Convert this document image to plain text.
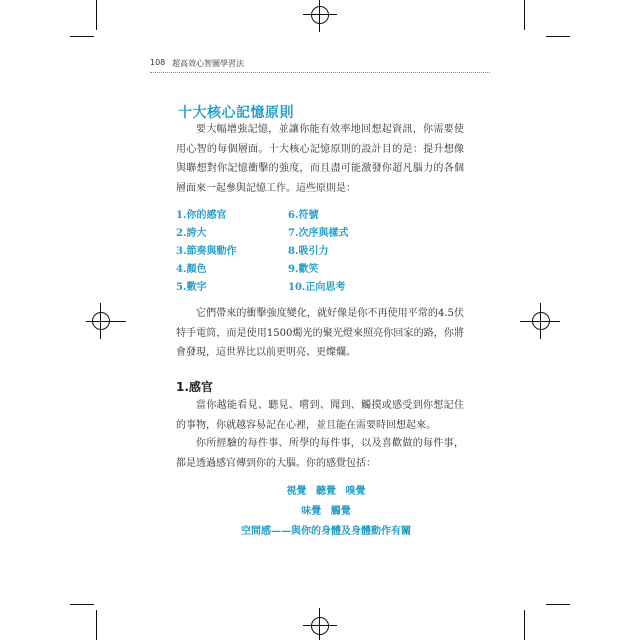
108 超高效心智圖學習法
十大核心記憶原則
要大幅增強記憶，並讓你能有效率地回想起資訊，你需要使用心智的每個層面。十大核心記憶原則的設計目的是：提升想像與聯想對你記憶衝擊的強度，而且盡可能激發你超凡腦力的各個層面來一起參與記憶工作。這些原則是：
1.你的感官
2.誇大
3.節奏與動作
4.顏色
5.數字
6.符號
7.次序與樣式
8.吸引力
9.歡笑
10.正向思考
它們帶來的衝擊強度變化，就好像是你不再使用平常的4.5伏特手電筒，而是使用1500燭光的聚光燈來照亮你回家的路，你將會發現，這世界比以前更明亮、更燦爛。
1.感官
當你越能看見、聽見、嚐到、聞到、觸摸或感受到你想記住的事物，你就越容易記在心裡，並且能在需要時回想起來。
你所經驗的每件事、所學的每件事，以及喜歡做的每件事，都是透過感官傳到你的大腦。你的感覺包括：
視覺 聽覺 嗅覺
味覺 觸覺
空間感——與你的身體及身體動作有關
